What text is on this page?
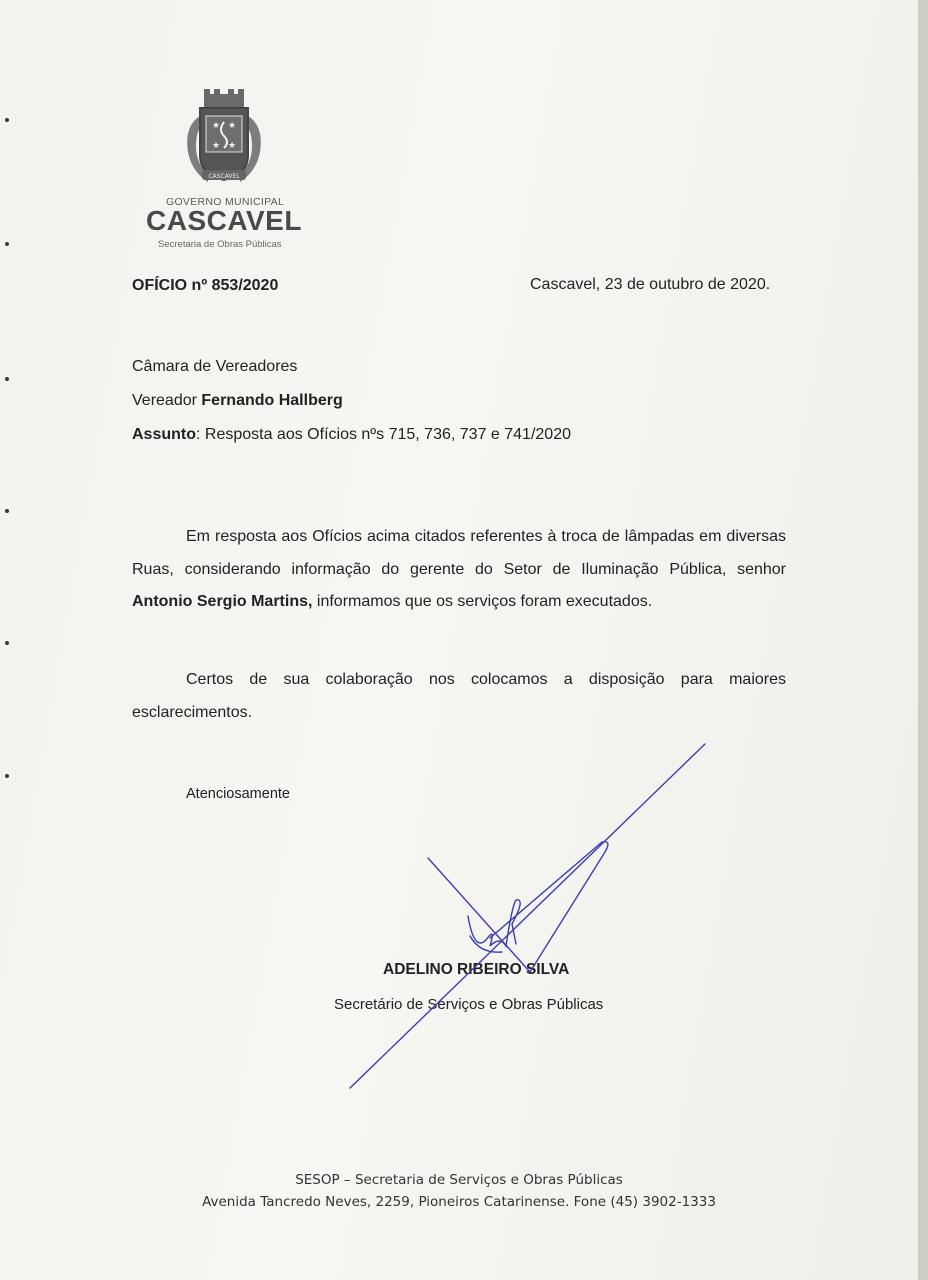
★ ★
★ ★
CASCAVEL
GOVERNO MUNICIPAL
CASCAVEL
Secretaria de Obras Públicas
OFÍCIO nº 853/2020	Cascavel, 23 de outubro de 2020.
Câmara de Vereadores
Vereador Fernando Hallberg
Assunto: Resposta aos Ofícios nºs 715, 736, 737 e 741/2020
Em resposta aos Ofícios acima citados referentes à troca de lâmpadas em diversas Ruas, considerando informação do gerente do Setor de Iluminação Pública, senhor Antonio Sergio Martins, informamos que os serviços foram executados.
Certos de sua colaboração nos colocamos a disposição para maiores esclarecimentos.
Atenciosamente
ADELINO RIBEIRO SILVA
Secretário de Serviços e Obras Públicas
SESOP – Secretaria de Serviços e Obras Públicas
Avenida Tancredo Neves, 2259, Pioneiros Catarinense. Fone (45) 3902-1333
